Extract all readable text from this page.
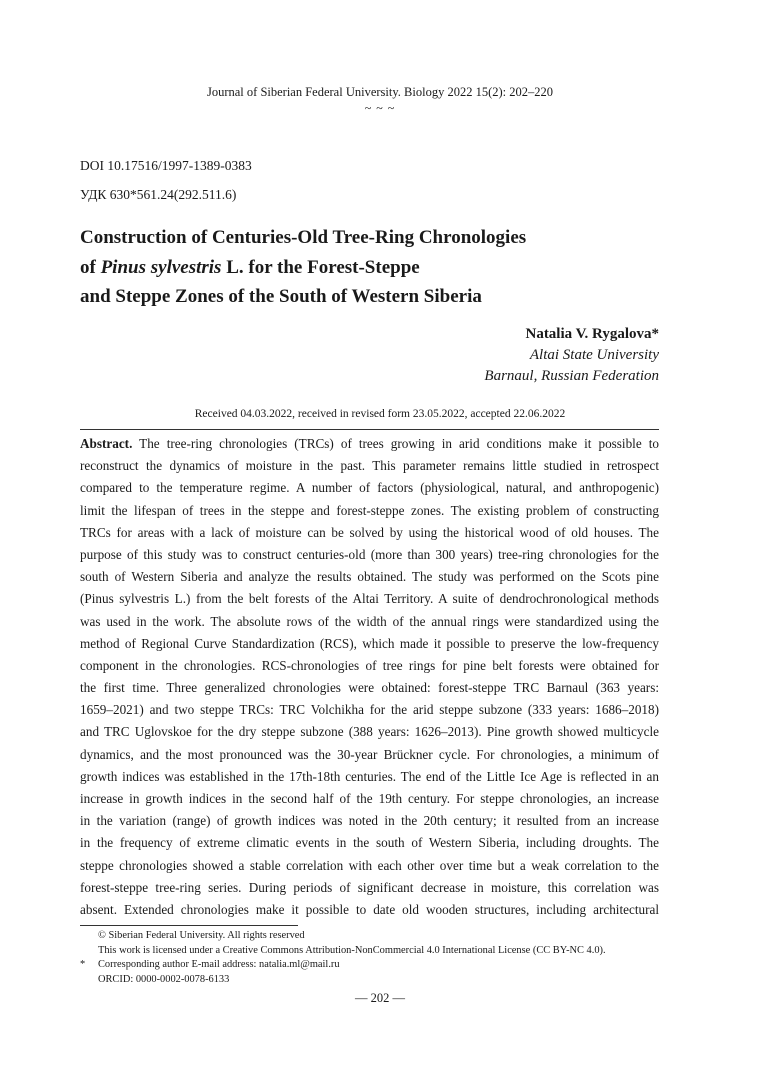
Journal of Siberian Federal University. Biology 2022 15(2): 202–220
~ ~ ~
DOI 10.17516/1997-1389-0383
УДК 630*561.24(292.511.6)
Construction of Centuries-Old Tree-Ring Chronologies
of Pinus sylvestris L. for the Forest-Steppe
and Steppe Zones of the South of Western Siberia
Natalia V. Rygalova*
Altai State University
Barnaul, Russian Federation
Received 04.03.2022, received in revised form 23.05.2022, accepted 22.06.2022
Abstract. The tree-ring chronologies (TRCs) of trees growing in arid conditions make it possible to
reconstruct the dynamics of moisture in the past. This parameter remains little studied in retrospect
compared to the temperature regime. A number of factors (physiological, natural, and anthropogenic)
limit the lifespan of trees in the steppe and forest-steppe zones. The existing problem of constructing
TRCs for areas with a lack of moisture can be solved by using the historical wood of old houses. The
purpose of this study was to construct centuries-old (more than 300 years) tree-ring chronologies for the
south of Western Siberia and analyze the results obtained. The study was performed on the Scots pine
(Pinus sylvestris L.) from the belt forests of the Altai Territory. A suite of dendrochronological methods
was used in the work. The absolute rows of the width of the annual rings were standardized using the
method of Regional Curve Standardization (RCS), which made it possible to preserve the low-frequency
component in the chronologies. RCS-chronologies of tree rings for pine belt forests were obtained for
the first time. Three generalized chronologies were obtained: forest-steppe TRC Barnaul (363 years:
1659–2021) and two steppe TRCs: TRC Volchikha for the arid steppe subzone (333 years: 1686–2018)
and TRC Uglovskoe for the dry steppe subzone (388 years: 1626–2013). Pine growth showed multicycle
dynamics, and the most pronounced was the 30-year Brückner cycle. For chronologies, a minimum of
growth indices was established in the 17th-18th centuries. The end of the Little Ice Age is reflected in an
increase in growth indices in the second half of the 19th century. For steppe chronologies, an increase
in the variation (range) of growth indices was noted in the 20th century; it resulted from an increase
in the frequency of extreme climatic events in the south of Western Siberia, including droughts. The
steppe chronologies showed a stable correlation with each other over time but a weak correlation to the
forest-steppe tree-ring series. During periods of significant decrease in moisture, this correlation was
absent. Extended chronologies make it possible to date old wooden structures, including architectural
© Siberian Federal University. All rights reserved
This work is licensed under a Creative Commons Attribution-NonCommercial 4.0 International License (CC BY-NC 4.0).
* Corresponding author E-mail address: natalia.ml@mail.ru
ORCID: 0000-0002-0078-6133
— 202 —
